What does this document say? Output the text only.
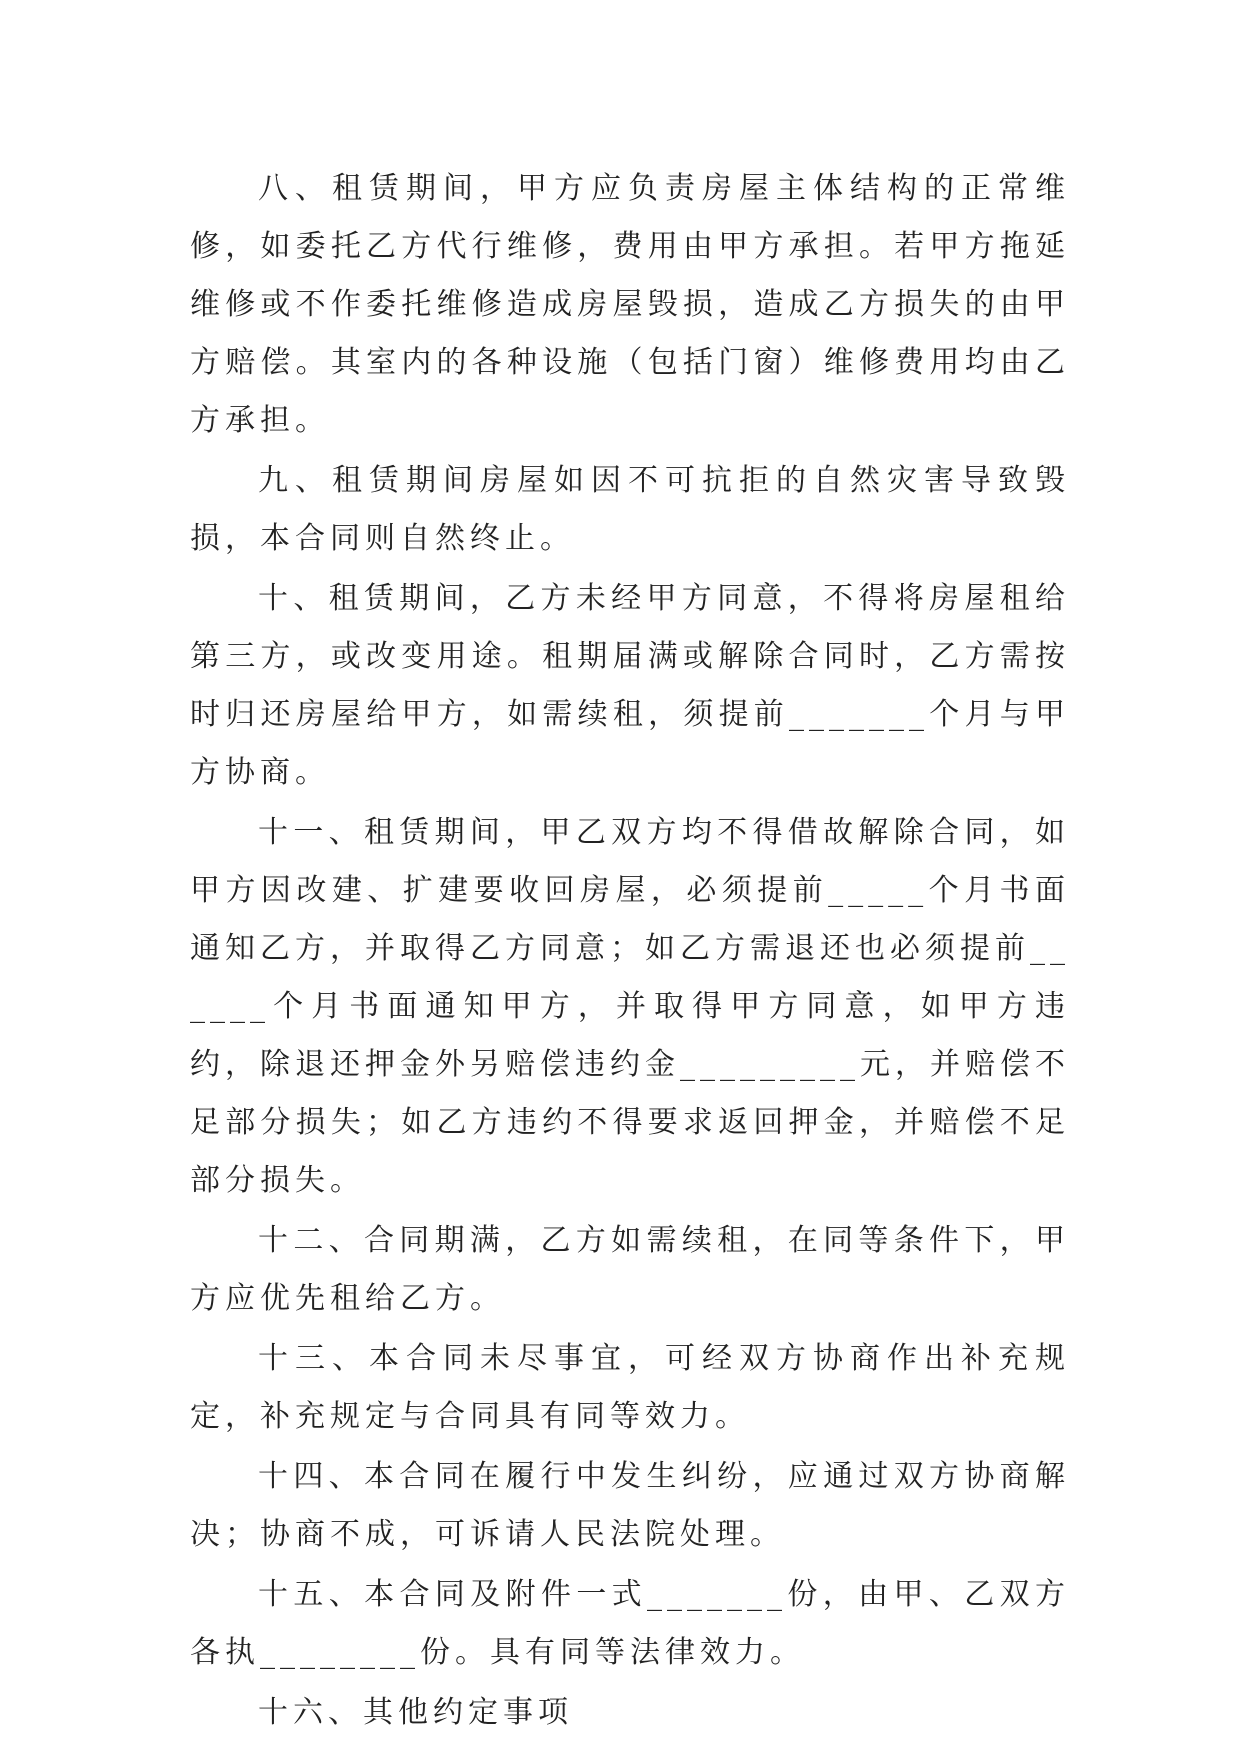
八、租赁期间，甲方应负责房屋主体结构的正常维修，如委托乙方代行维修，费用由甲方承担。若甲方拖延维修或不作委托维修造成房屋毁损，造成乙方损失的由甲方赔偿。其室内的各种设施（包括门窗）维修费用均由乙方承担。

九、租赁期间房屋如因不可抗拒的自然灾害导致毁损，本合同则自然终止。

十、租赁期间，乙方未经甲方同意，不得将房屋租给第三方，或改变用途。租期届满或解除合同时，乙方需按时归还房屋给甲方，如需续租，须提前_______个月与甲方协商。

十一、租赁期间，甲乙双方均不得借故解除合同，如甲方因改建、扩建要收回房屋，必须提前_____个月书面通知乙方，并取得乙方同意；如乙方需退还也必须提前______个月书面通知甲方，并取得甲方同意，如甲方违约，除退还押金外另赔偿违约金_________元，并赔偿不足部分损失；如乙方违约不得要求返回押金，并赔偿不足部分损失。

十二、合同期满，乙方如需续租，在同等条件下，甲方应优先租给乙方。

十三、本合同未尽事宜，可经双方协商作出补充规定，补充规定与合同具有同等效力。

十四、本合同在履行中发生纠纷，应通过双方协商解决；协商不成，可诉请人民法院处理。

十五、本合同及附件一式_______份，由甲、乙双方各执________份。具有同等法律效力。

十六、其他约定事项
